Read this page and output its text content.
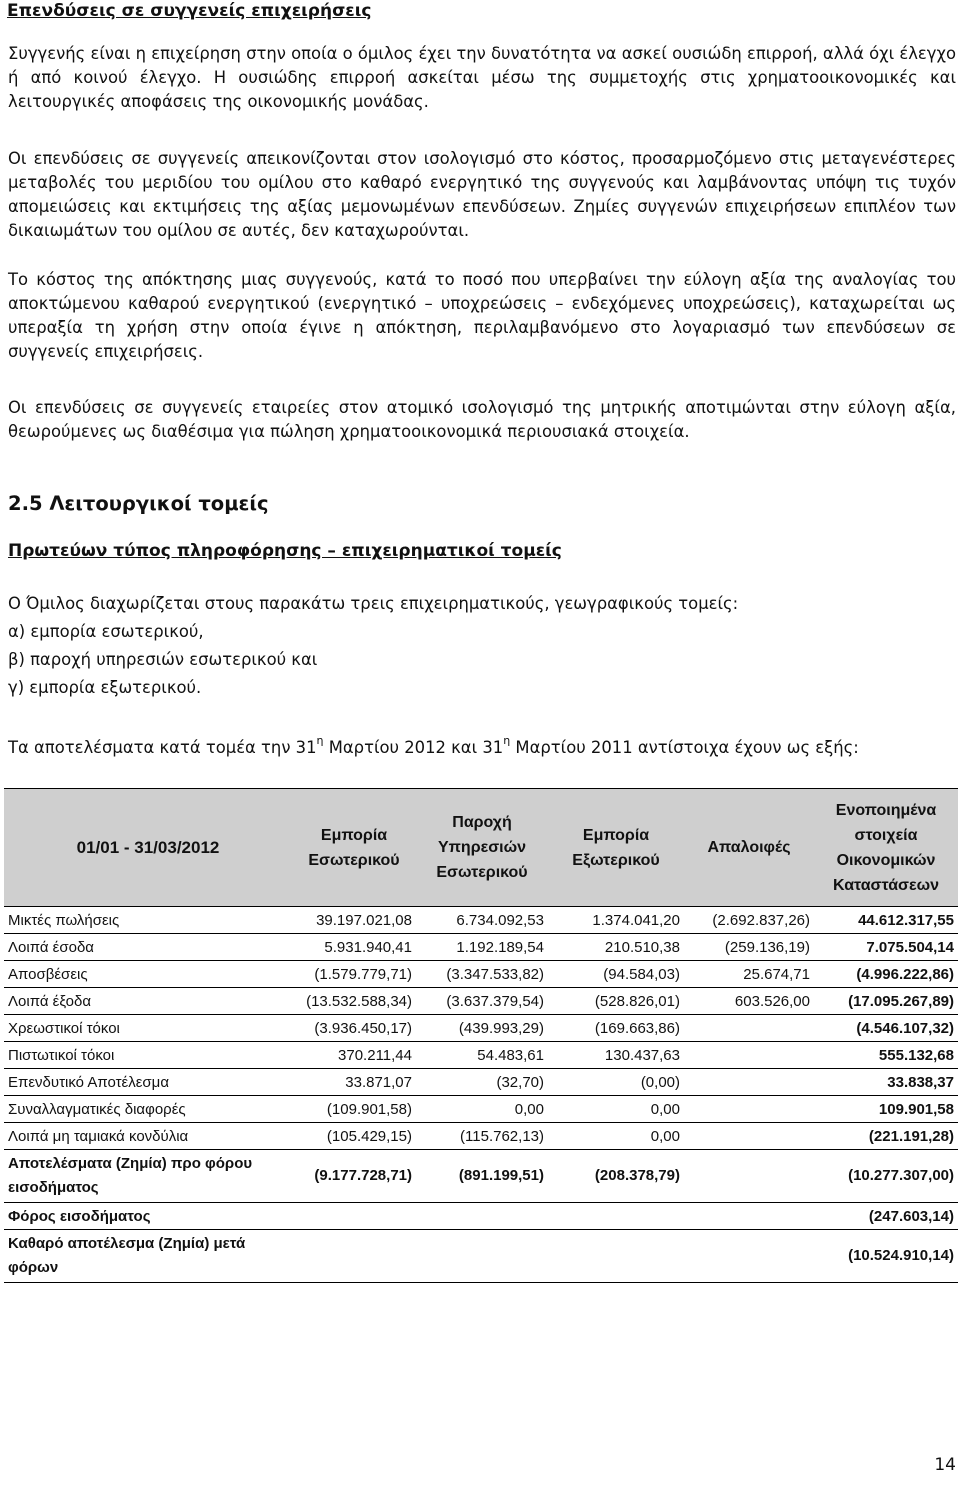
Επενδύσεις σε συγγενείς επιχειρήσεις

Συγγενής είναι η επιχείρηση στην οποία ο όμιλος έχει την δυνατότητα να ασκεί ουσιώδη επιρροή, αλλά όχι έλεγχο ή από κοινού έλεγχο. Η ουσιώδης επιρροή ασκείται μέσω της συμμετοχής στις χρηματοοικονομικές και λειτουργικές αποφάσεις της οικονομικής μονάδας.

Οι επενδύσεις σε συγγενείς απεικονίζονται στον ισολογισμό στο κόστος, προσαρμοζόμενο στις μεταγενέστερες μεταβολές του μεριδίου του ομίλου στο καθαρό ενεργητικό της συγγενούς και λαμβάνοντας υπόψη τις τυχόν απομειώσεις και εκτιμήσεις της αξίας μεμονωμένων επενδύσεων. Ζημίες συγγενών επιχειρήσεων επιπλέον των δικαιωμάτων του ομίλου σε αυτές, δεν καταχωρούνται.

Το κόστος της απόκτησης μιας συγγενούς, κατά το ποσό που υπερβαίνει την εύλογη αξία της αναλογίας του αποκτώμενου καθαρού ενεργητικού (ενεργητικό – υποχρεώσεις – ενδεχόμενες υποχρεώσεις), καταχωρείται ως υπεραξία τη χρήση στην οποία έγινε η απόκτηση, περιλαμβανόμενο στο λογαριασμό των επενδύσεων σε συγγενείς επιχειρήσεις.

Οι επενδύσεις σε συγγενείς εταιρείες στον ατομικό ισολογισμό της μητρικής αποτιμώνται στην εύλογη αξία, θεωρούμενες ως διαθέσιμα για πώληση χρηματοοικονομικά περιουσιακά στοιχεία.

2.5 Λειτουργικοί τομείς
Πρωτεύων τύπος πληροφόρησης – επιχειρηματικοί τομείς
Ο Όμιλος διαχωρίζεται στους παρακάτω τρεις επιχειρηματικούς, γεωγραφικούς τομείς:
α) εμπορία εσωτερικού,
β) παροχή υπηρεσιών εσωτερικού και
γ) εμπορία εξωτερικού.

Τα αποτελέσματα κατά τομέα την $31^\eta$ Μαρτίου 2012 και $31^\eta$ Μαρτίου 2011 αντίστοιχα έχουν ως εξής:

01/01 - 31/03/2012	Εμπορία Εσωτερικού	Παροχή Υπηρεσιών Εσωτερικού	Εμπορία Εξωτερικού	Απαλοιφές	Ενοποιημένα στοιχεία Οικονομικών Καταστάσεων
Μικτές πωλήσεις	39.197.021,08	6.734.092,53	1.374.041,20	(2.692.837,26)	44.612.317,55
Λοιπά έσοδα	5.931.940,41	1.192.189,54	210.510,38	(259.136,19)	7.075.504,14
Αποσβέσεις	(1.579.779,71)	(3.347.533,82)	(94.584,03)	25.674,71	(4.996.222,86)
Λοιπά έξοδα	(13.532.588,34)	(3.637.379,54)	(528.826,01)	603.526,00	(17.095.267,89)
Χρεωστικοί τόκοι	(3.936.450,17)	(439.993,29)	(169.663,86)		(4.546.107,32)
Πιστωτικοί τόκοι	370.211,44	54.483,61	130.437,63		555.132,68
Επενδυτικό Αποτέλεσμα	33.871,07	(32,70)	(0,00)		33.838,37
Συναλλαγματικές διαφορές	(109.901,58)	0,00	0,00		109.901,58
Λοιπά μη ταμιακά κονδύλια	(105.429,15)	(115.762,13)	0,00		(221.191,28)
Αποτελέσματα (Ζημία) προ φόρου εισοδήματος	(9.177.728,71)	(891.199,51)	(208.378,79)		(10.277.307,00)
Φόρος εισοδήματος					(247.603,14)
Καθαρό αποτέλεσμα (Ζημία) μετά φόρων					(10.524.910,14)

14
